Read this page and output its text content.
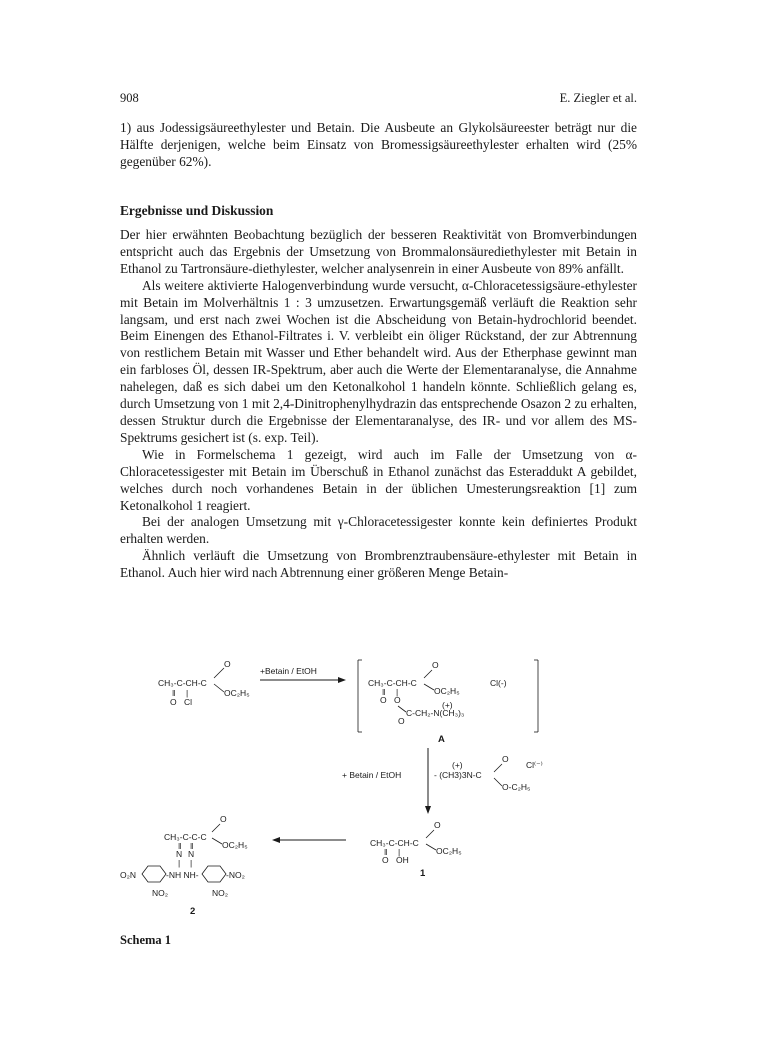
908	E. Ziegler et al.

1) aus Jodessigsäureethylester und Betain. Die Ausbeute an Glykolsäureester beträgt nur die Hälfte derjenigen, welche beim Einsatz von Bromessigsäureethylester erhalten wird (25% gegenüber 62%).

Ergebnisse und Diskussion

Der hier erwähnten Beobachtung bezüglich der besseren Reaktivität von Bromverbindungen entspricht auch das Ergebnis der Umsetzung von Brommalonsäurediethylester mit Betain in Ethanol zu Tartronsäure-diethylester, welcher analysenrein in einer Ausbeute von 89% anfällt.

Als weitere aktivierte Halogenverbindung wurde versucht, α-Chloracetessigsäure-ethylester mit Betain im Molverhältnis 1 : 3 umzusetzen. Erwartungsgemäß verläuft die Reaktion sehr langsam, und erst nach zwei Wochen ist die Abscheidung von Betain-hydrochlorid beendet. Beim Einengen des Ethanol-Filtrates i. V. verbleibt ein öliger Rückstand, der zur Abtrennung von restlichem Betain mit Wasser und Ether behandelt wird. Aus der Etherphase gewinnt man ein farbloses Öl, dessen IR-Spektrum, aber auch die Werte der Elementaranalyse, die Annahme nahelegen, daß es sich dabei um den Ketonalkohol 1 handeln könnte. Schließlich gelang es, durch Umsetzung von 1 mit 2,4-Dinitrophenylhydrazin das entsprechende Osazon 2 zu erhalten, dessen Struktur durch die Ergebnisse der Elementaranalyse, des IR- und vor allem des MS-Spektrums gesichert ist (s. exp. Teil).

Wie in Formelschema 1 gezeigt, wird auch im Falle der Umsetzung von α-Chloracetessigester mit Betain im Überschuß in Ethanol zunächst das Esteraddukt A gebildet, welches durch noch vorhandenes Betain in der üblichen Umesterungsreaktion [1] zum Ketonalkohol 1 reagiert.

Bei der analogen Umsetzung mit γ-Chloracetessigester konnte kein definiertes Produkt erhalten werden.

Ähnlich verläuft die Umsetzung von Brombrenztraubensäure-ethylester mit Betain in Ethanol. Auch hier wird nach Abtrennung einer größeren Menge Betain-

CH₃-C-CH-C
‖ |
O Cl
O
OC₂H₅
+Betain / EtOH
CH₃-C-CH-C
‖ |
O O
O
OC₂H₅
C-CH₂-N(CH₃)₃
(+)
O
Cl(-)
A
+ Betain / EtOH	- (CH3)3N-C
(+)
O
O-C₂H₅
Cl⁽⁻⁾
CH₃-C-CH-C
‖ |
O OH
O
OC₂H₅
1
CH₃-C-C-C
‖ ‖
N N
O
OC₂H₅
| |
O₂N	-NH NH-	-NO₂
NO₂	NO₂
2
Schema 1
